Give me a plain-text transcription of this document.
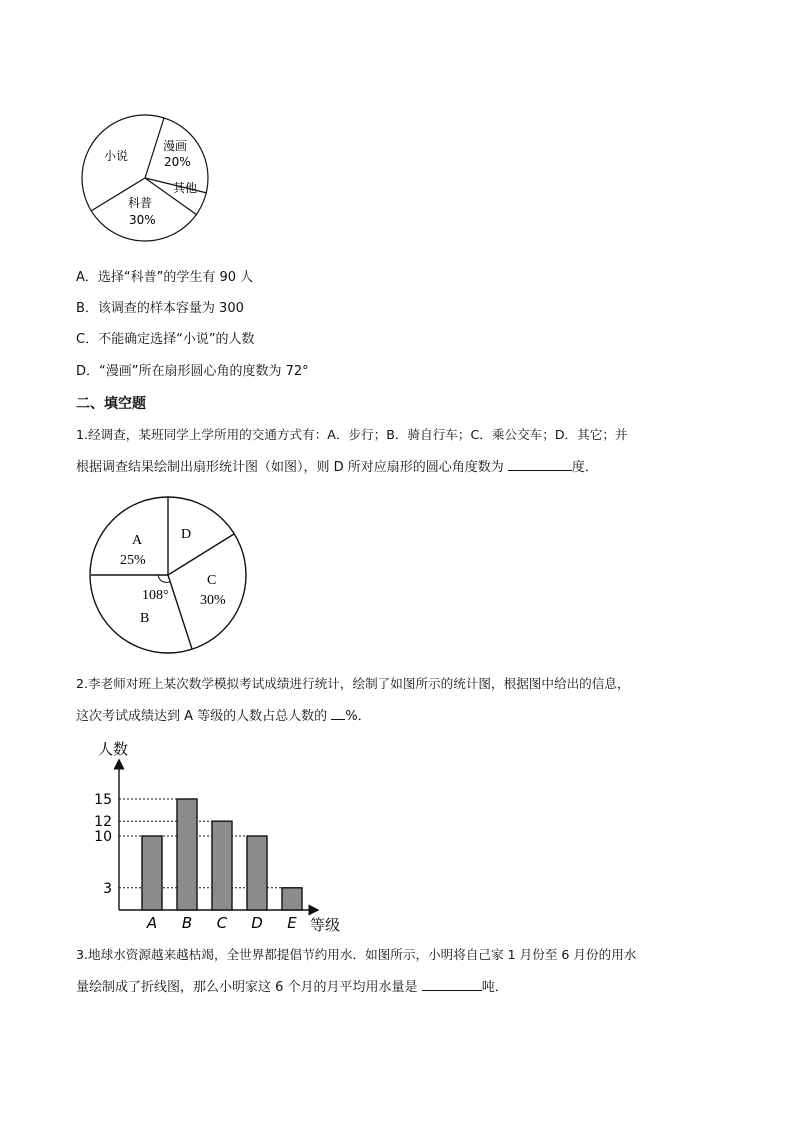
小说
漫画
20%
其他
科普
30%
A．选择“科普”的学生有 90 人
B．该调查的样本容量为 300
C．不能确定选择“小说”的人数
D．“漫画”所在扇形圆心角的度数为 72°
二、填空题
1.经调查，某班同学上学所用的交通方式有：A．步行；B．骑自行车；C．乘公交车；D．其它；并
根据调查结果绘制出扇形统计图（如图），则 D 所对应扇形的圆心角度数为	度．
A
25%
D
C
30%
108°
B
2.李老师对班上某次数学模拟考试成绩进行统计，绘制了如图所示的统计图，根据图中给出的信息，
这次考试成绩达到 A 等级的人数占总人数的 %．
人数
等级
3
10
12
15
A B C D E
3.地球水资源越来越枯竭，全世界都提倡节约用水．如图所示，小明将自己家 1 月份至 6 月份的用水
量绘制成了折线图，那么小明家这 6 个月的月平均用水量是	吨．
